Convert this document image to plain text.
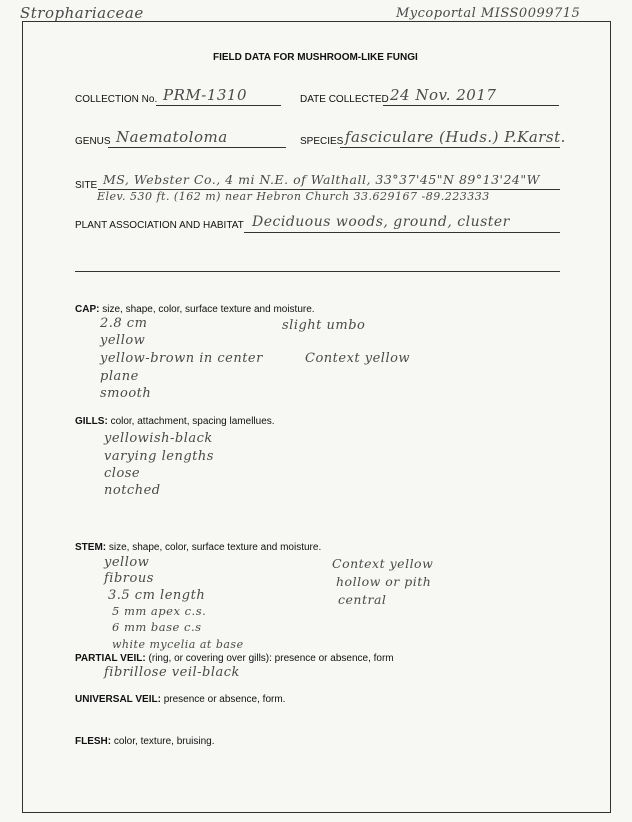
Strophariaceae	Mycoportal MISS0099715
FIELD DATA FOR MUSHROOM-LIKE FUNGI
COLLECTION No. PRM-1310	DATE COLLECTED 24 Nov. 2017
GENUS Naematoloma	SPECIES fasciculare (Huds.) P.Karst.
SITE MS, Webster Co., 4 mi N.E. of Walthall, 33°37'45"N 89°13'24"W
Elev. 530 ft. (162 m) near Hebron Church 33.629167 -89.223333
PLANT ASSOCIATION AND HABITAT Deciduous woods, ground, cluster
CAP: size, shape, color, surface texture and moisture.
2.8 cm
yellow
yellow-brown in center
plane
smooth
slight umbo
Context yellow
GILLS: color, attachment, spacing lamellues.
yellowish-black
varying lengths
close
notched
STEM: size, shape, color, surface texture and moisture.
yellow
fibrous
3.5 cm length
5 mm apex c.s.
6 mm base c.s
white mycelia at base
Context yellow
hollow or pith
central
PARTIAL VEIL: (ring, or covering over gills): presence or absence, form
fibrillose veil-black
UNIVERSAL VEIL: presence or absence, form.
FLESH: color, texture, bruising.
